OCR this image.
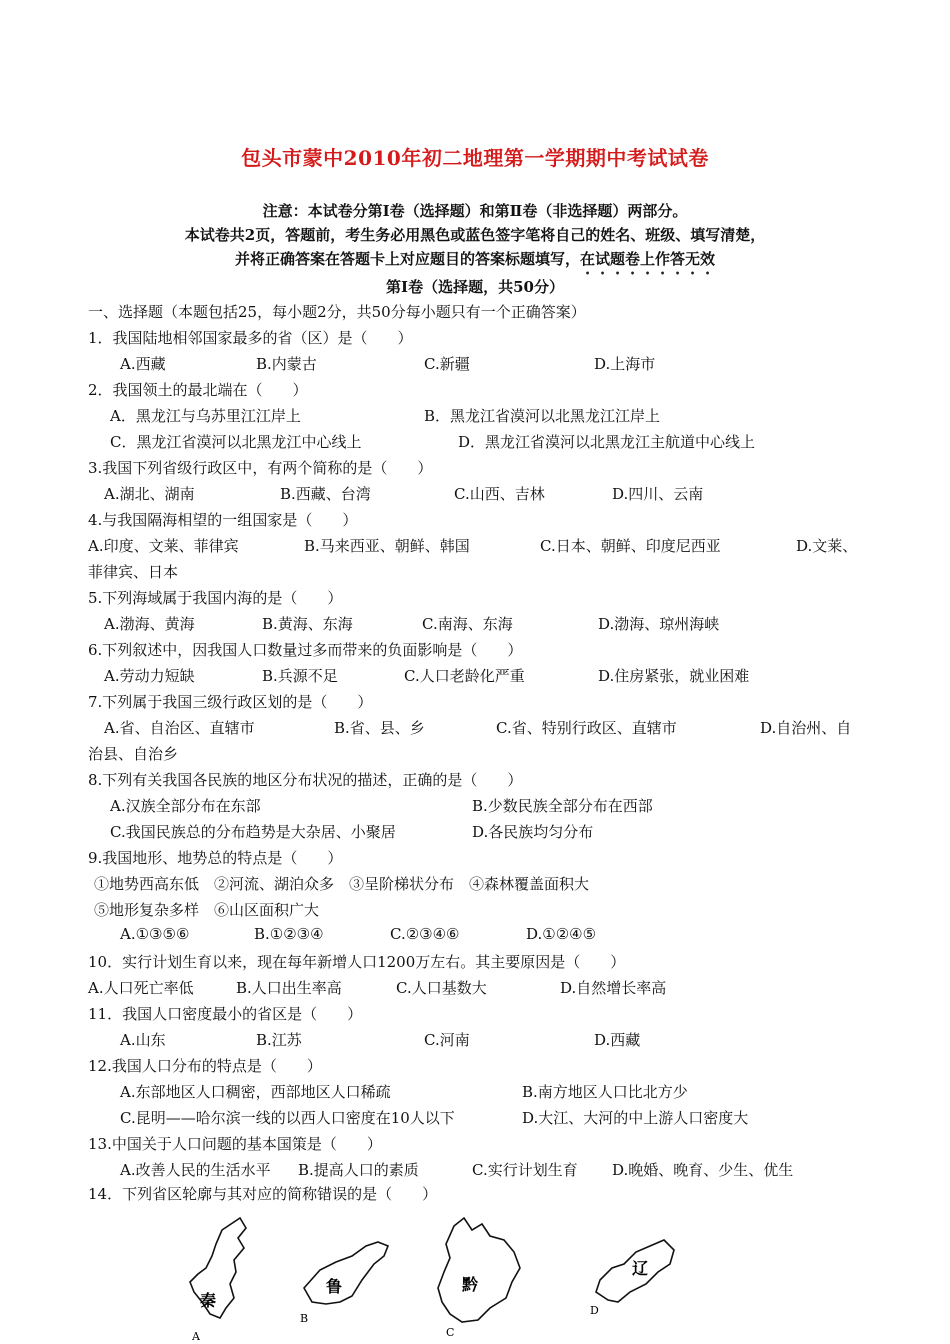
包头市蒙中2010年初二地理第一学期期中考试试卷
注意：本试卷分第Ⅰ卷（选择题）和第Ⅱ卷（非选择题）两部分。
本试卷共2页，答题前，考生务必用黑色或蓝色签字笔将自己的姓名、班级、填写清楚，
并将正确答案在答题卡上对应题目的答案标题填写，在试题卷上作答无效
第Ⅰ卷（选择题，共50分）
一、选择题（本题包括25，每小题2分，共50分每小题只有一个正确答案）
1．我国陆地相邻国家最多的省（区）是（　　）
A.西藏	B.内蒙古	C.新疆	D.上海市
2．我国领土的最北端在（　　）
A．黑龙江与乌苏里江江岸上	B．黑龙江省漠河以北黑龙江江岸上
C．黑龙江省漠河以北黑龙江中心线上	D．黑龙江省漠河以北黑龙江主航道中心线上
3.我国下列省级行政区中，有两个简称的是（　　）
A.湖北、湖南	B.西藏、台湾	C.山西、吉林	D.四川、云南
4.与我国隔海相望的一组国家是（　　）
A.印度、文莱、菲律宾	B.马来西亚、朝鲜、韩国	C.日本、朝鲜、印度尼西亚	D.文莱、
菲律宾、日本
5.下列海域属于我国内海的是（　　）
A.渤海、黄海	B.黄海、东海	C.南海、东海	D.渤海、琼州海峡
6.下列叙述中，因我国人口数量过多而带来的负面影响是（　　）
A.劳动力短缺	B.兵源不足	C.人口老龄化严重	D.住房紧张，就业困难
7.下列属于我国三级行政区划的是（　　）
A.省、自治区、直辖市	B.省、县、乡	C.省、特别行政区、直辖市	D.自治州、自
治县、自治乡
8.下列有关我国各民族的地区分布状况的描述，正确的是（　　）
A.汉族全部分布在东部	B.少数民族全部分布在西部
C.我国民族总的分布趋势是大杂居、小聚居	D.各民族均匀分布
9.我国地形、地势总的特点是（　　）
①地势西高东低　②河流、湖泊众多　③呈阶梯状分布　④森林覆盖面积大
⑤地形复杂多样　⑥山区面积广大
A.①③⑤⑥	B.①②③④	C.②③④⑥	D.①②④⑤
10．实行计划生育以来，现在每年新增人口1200万左右。其主要原因是（　　）
A.人口死亡率低	B.人口出生率高	C.人口基数大	D.自然增长率高
11．我国人口密度最小的省区是（　　）
A.山东	B.江苏	C.河南	D.西藏
12.我国人口分布的特点是（　　）
A.东部地区人口稠密，西部地区人口稀疏	B.南方地区人口比北方少
C.昆明——哈尔滨一线的以西人口密度在10人以下	D.大江、大河的中上游人口密度大
13.中国关于人口问题的基本国策是（　　）
A.改善人民的生活水平 B.提高人口的素质	C.实行计划生育 D.晚婚、晚育、少生、优生
14．下列省区轮廓与其对应的简称错误的是（　　）
秦
A
鲁
B
黔
C
辽
D
